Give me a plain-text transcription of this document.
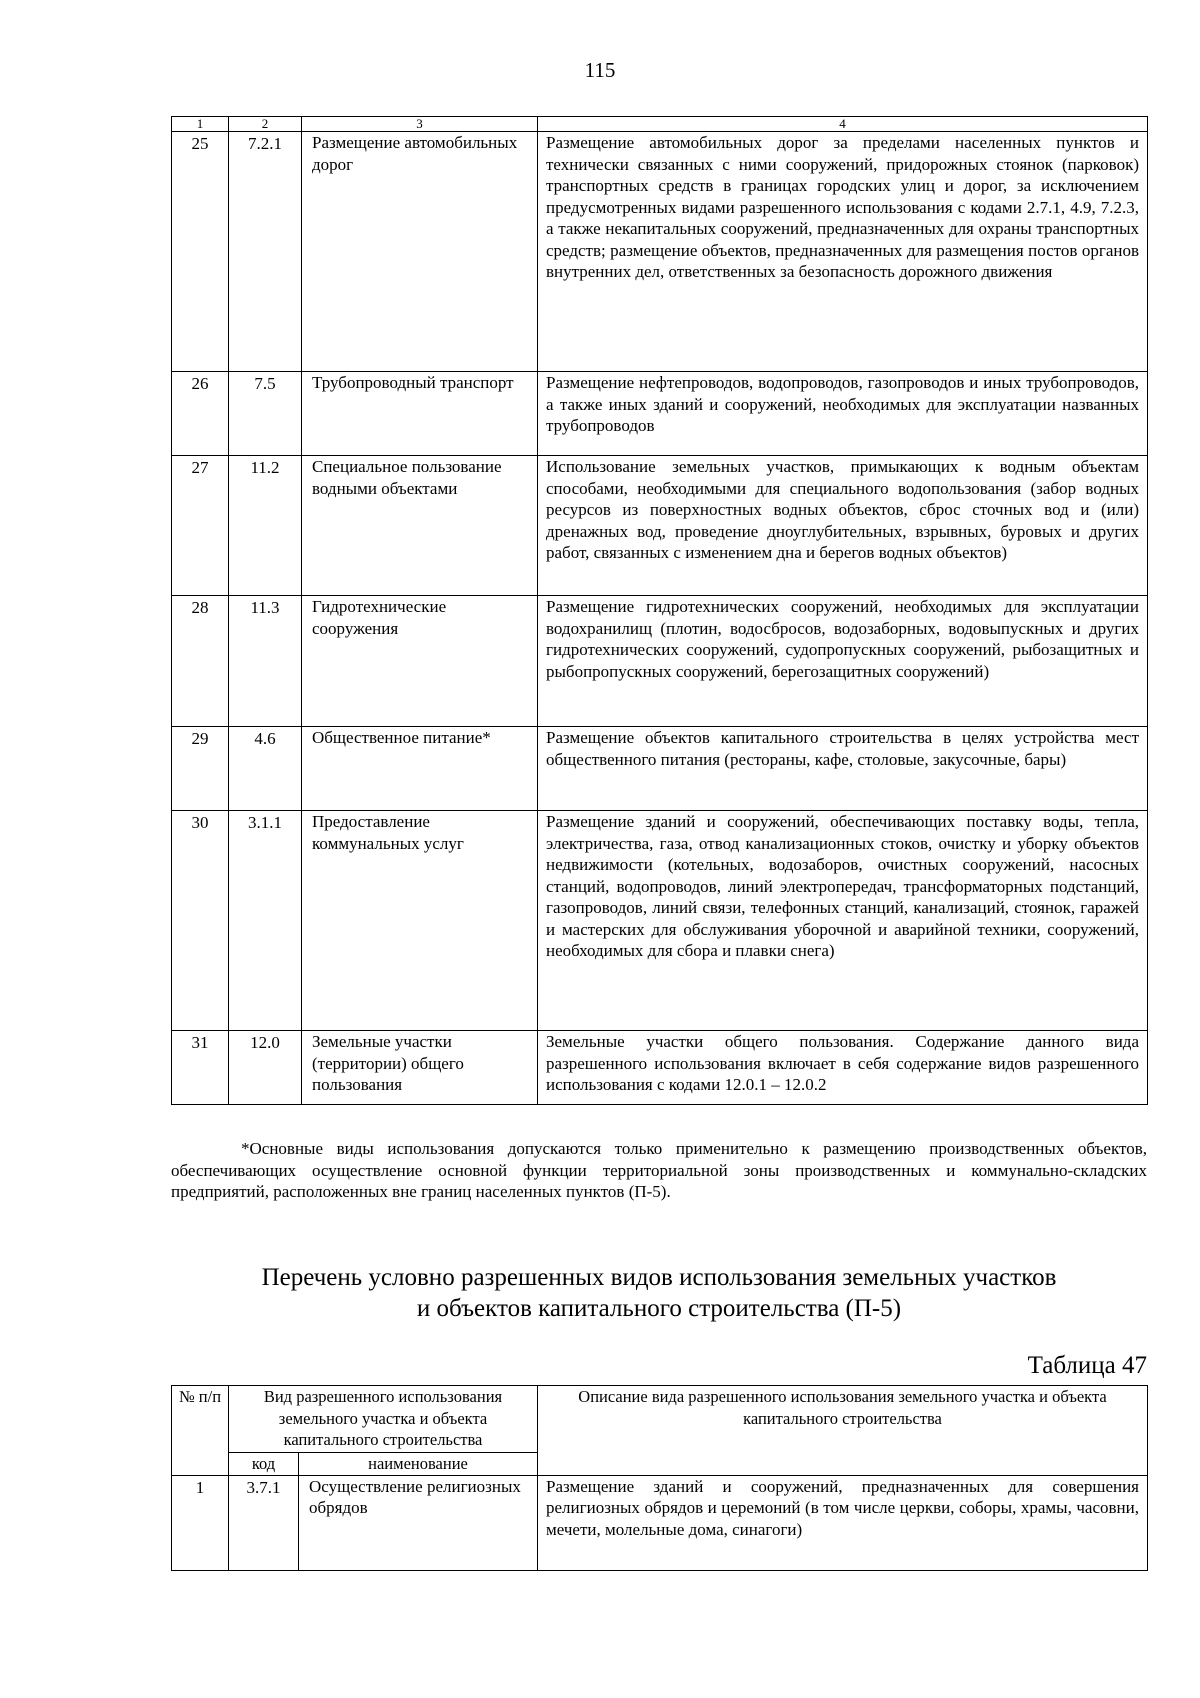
115
1	2	3	4
25	7.2.1	Размещение автомобильных дорог	Размещение автомобильных дорог за пределами населенных пунктов и технически связанных с ними сооружений, придорожных стоянок (парковок) транспортных средств в границах городских улиц и дорог, за исключением предусмотренных видами разрешенного использования с кодами 2.7.1, 4.9, 7.2.3, а также некапитальных сооружений, предназначенных для охраны транспортных средств; размещение объектов, предназначенных для размещения постов органов внутренних дел, ответственных за безопасность дорожного движения
26	7.5	Трубопроводный транспорт	Размещение нефтепроводов, водопроводов, газопроводов и иных трубопроводов, а также иных зданий и сооружений, необходимых для эксплуатации названных трубопроводов
27	11.2	Специальное пользование водными объектами	Использование земельных участков, примыкающих к водным объектам способами, необходимыми для специального водопользования (забор водных ресурсов из поверхностных водных объектов, сброс сточных вод и (или) дренажных вод, проведение дноуглубительных, взрывных, буровых и других работ, связанных с изменением дна и берегов водных объектов)
28	11.3	Гидротехнические сооружения	Размещение гидротехнических сооружений, необходимых для эксплуатации водохранилищ (плотин, водосбросов, водозаборных, водовыпускных и других гидротехнических сооружений, судопропускных сооружений, рыбозащитных и рыбопропускных сооружений, берегозащитных сооружений)
29	4.6	Общественное питание*	Размещение объектов капитального строительства в целях устройства мест общественного питания (рестораны, кафе, столовые, закусочные, бары)
30	3.1.1	Предоставление коммунальных услуг	Размещение зданий и сооружений, обеспечивающих поставку воды, тепла, электричества, газа, отвод канализационных стоков, очистку и уборку объектов недвижимости (котельных, водозаборов, очистных сооружений, насосных станций, водопроводов, линий электропередач, трансформаторных подстанций, газопроводов, линий связи, телефонных станций, канализаций, стоянок, гаражей и мастерских для обслуживания уборочной и аварийной техники, сооружений, необходимых для сбора и плавки снега)
31	12.0	Земельные участки (территории) общего пользования	Земельные участки общего пользования. Содержание данного вида разрешенного использования включает в себя содержание видов разрешенного использования с кодами 12.0.1 – 12.0.2
*Основные виды использования допускаются только применительно к размещению производственных объектов, обеспечивающих осуществление основной функции территориальной зоны производственных и коммунально-складских предприятий, расположенных вне границ населенных пунктов (П-5).
Перечень условно разрешенных видов использования земельных участков
и объектов капитального строительства (П-5)
Таблица 47
№ п/п	Вид разрешенного использования земельного участка и объекта капитального строительства		Описание вида разрешенного использования земельного участка и объекта капитального строительства
	код	наименование	
1	3.7.1	Осуществление религиозных обрядов	Размещение зданий и сооружений, предназначенных для совершения религиозных обрядов и церемоний (в том числе церкви, соборы, храмы, часовни, мечети, молельные дома, синагоги)
